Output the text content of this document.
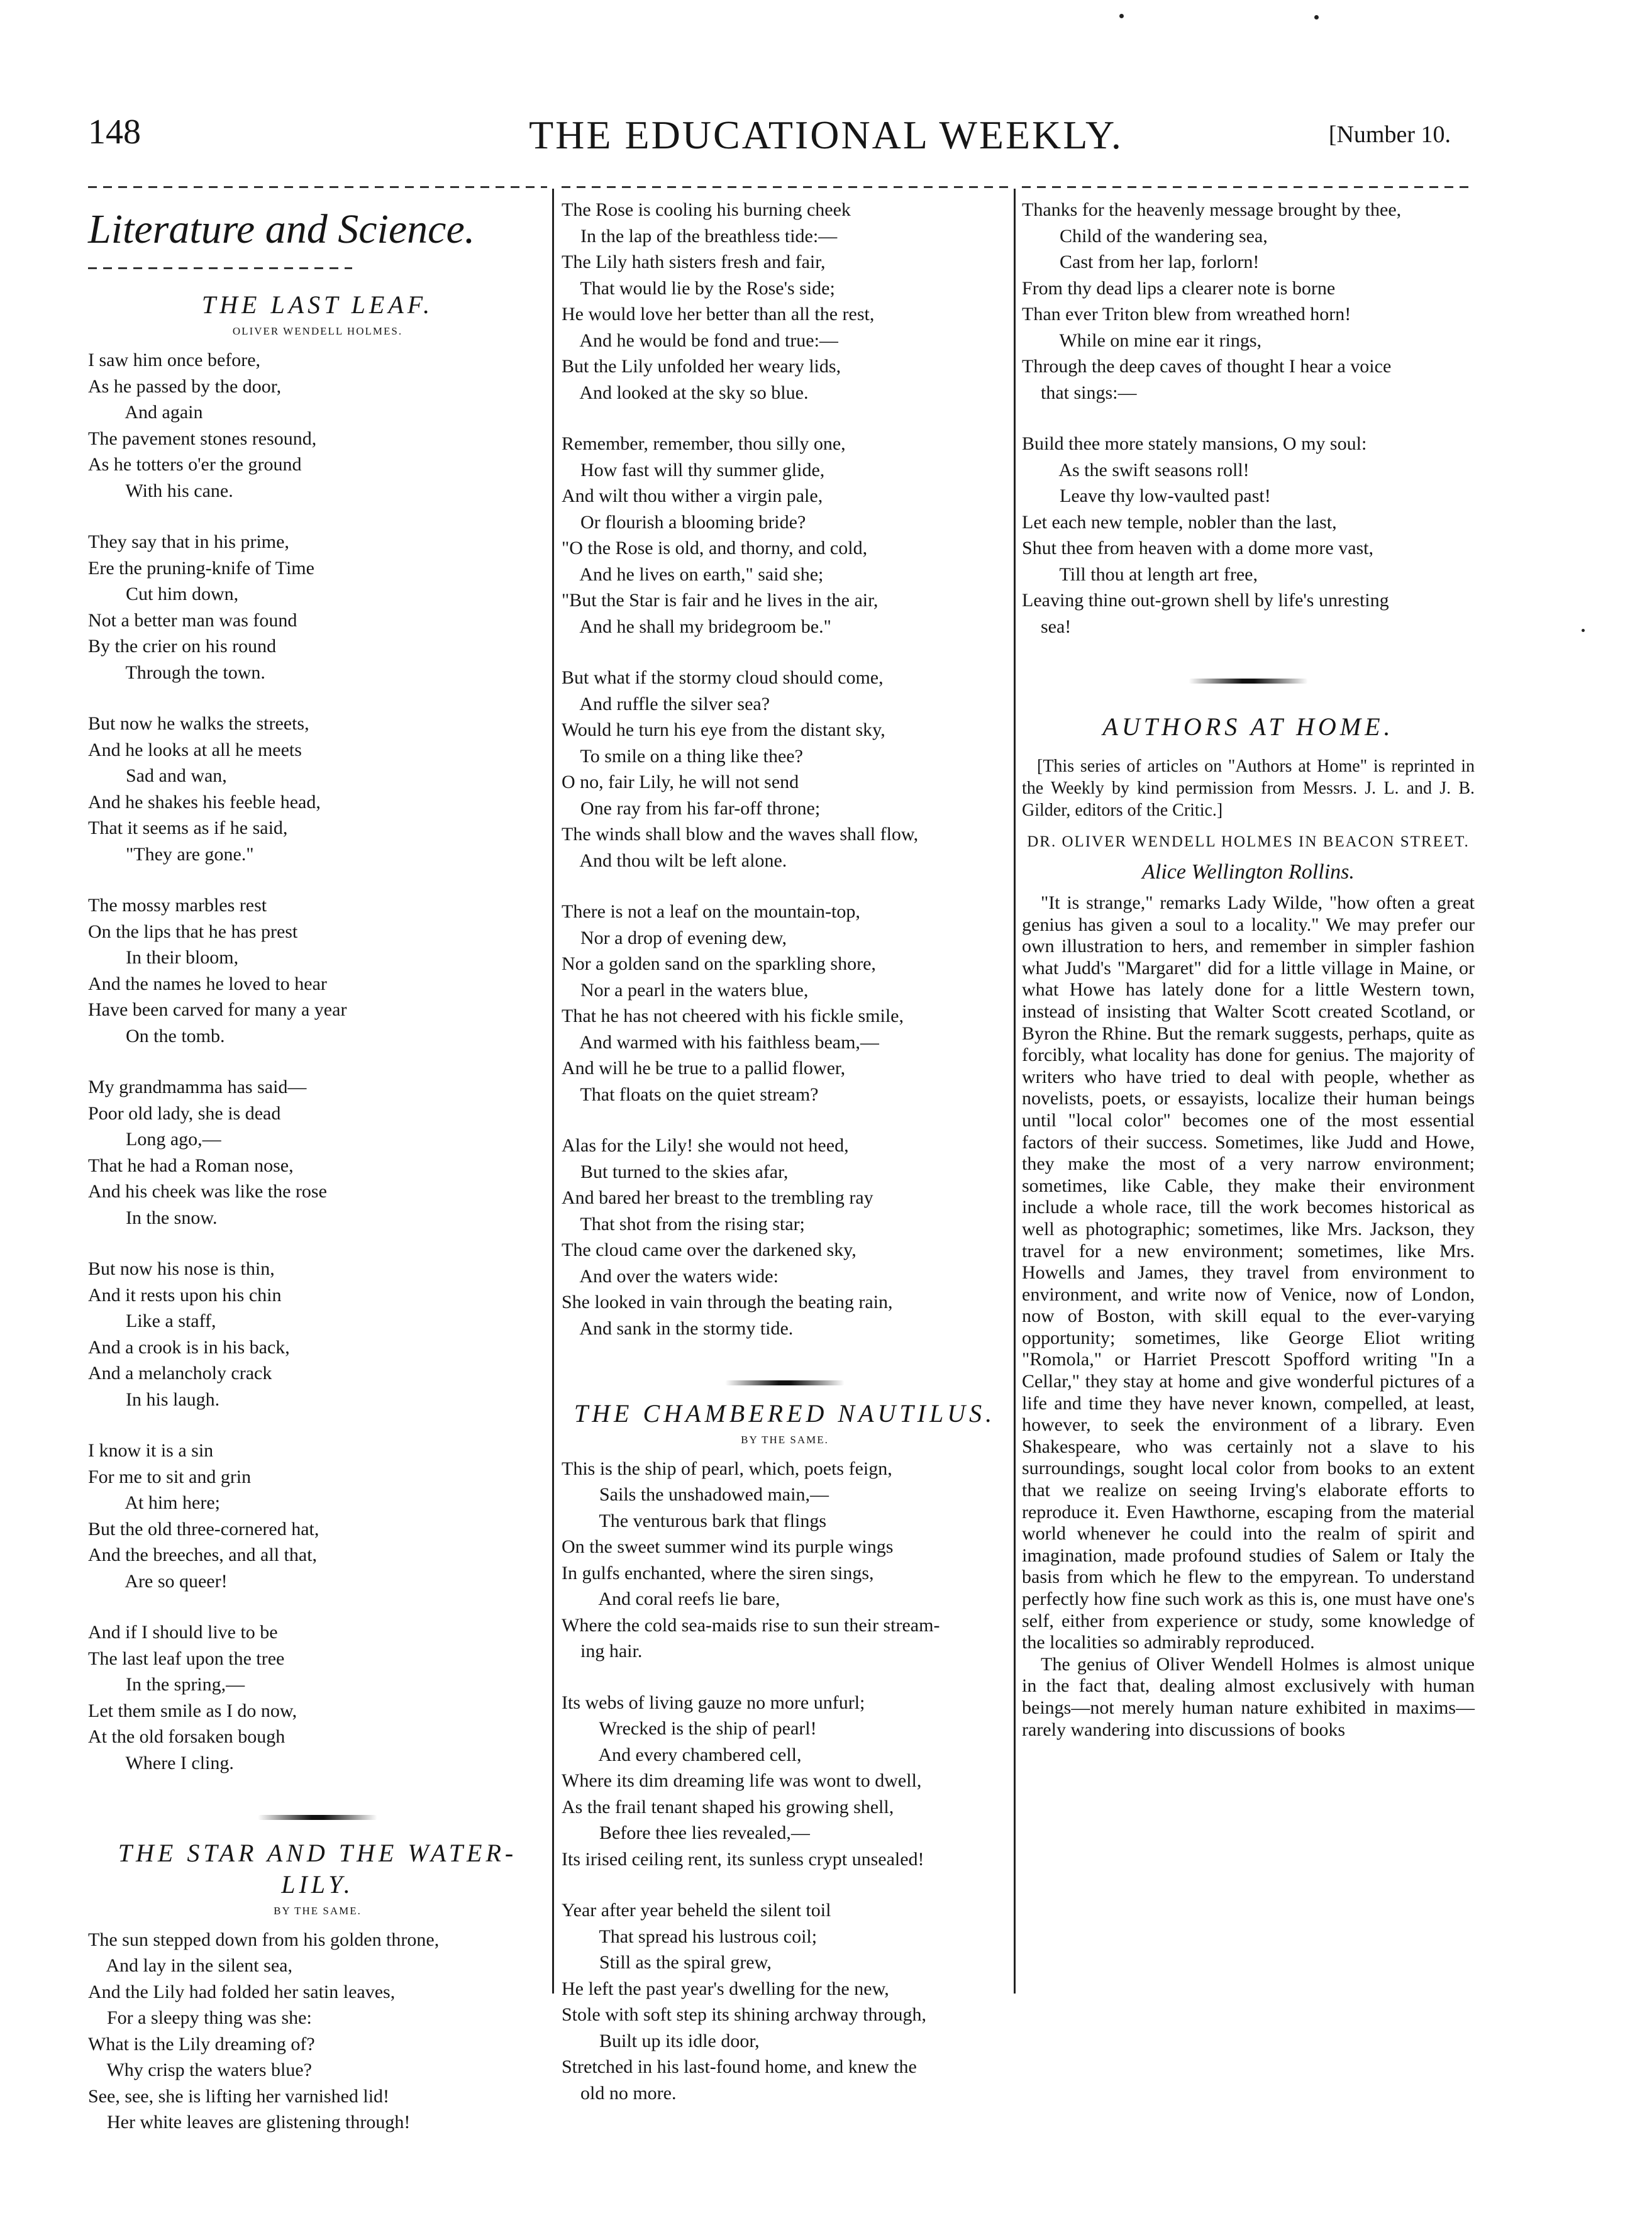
148	THE EDUCATIONAL WEEKLY.	[Number 10.
Literature and Science.
THE LAST LEAF.
OLIVER WENDELL HOLMES.
I saw him once before,
As he passed by the door,
And again
The pavement stones resound,
As he totters o'er the ground
With his cane.
They say that in his prime,
Ere the pruning-knife of Time
Cut him down,
Not a better man was found
By the crier on his round
Through the town.
But now he walks the streets,
And he looks at all he meets
Sad and wan,
And he shakes his feeble head,
That it seems as if he said,
"They are gone."
The mossy marbles rest
On the lips that he has prest
In their bloom,
And the names he loved to hear
Have been carved for many a year
On the tomb.
My grandmamma has said—
Poor old lady, she is dead
Long ago,—
That he had a Roman nose,
And his cheek was like the rose
In the snow.
But now his nose is thin,
And it rests upon his chin
Like a staff,
And a crook is in his back,
And a melancholy crack
In his laugh.
I know it is a sin
For me to sit and grin
At him here;
But the old three-cornered hat,
And the breeches, and all that,
Are so queer!
And if I should live to be
The last leaf upon the tree
In the spring,—
Let them smile as I do now,
At the old forsaken bough
Where I cling.
THE STAR AND THE WATER-LILY.
BY THE SAME.
The sun stepped down from his golden throne,
And lay in the silent sea,
And the Lily had folded her satin leaves,
For a sleepy thing was she:
What is the Lily dreaming of?
Why crisp the waters blue?
See, see, she is lifting her varnished lid!
Her white leaves are glistening through!
The Rose is cooling his burning cheek
In the lap of the breathless tide:—
The Lily hath sisters fresh and fair,
That would lie by the Rose's side;
He would love her better than all the rest,
And he would be fond and true:—
But the Lily unfolded her weary lids,
And looked at the sky so blue.
Remember, remember, thou silly one,
How fast will thy summer glide,
And wilt thou wither a virgin pale,
Or flourish a blooming bride?
"O the Rose is old, and thorny, and cold,
And he lives on earth," said she;
"But the Star is fair and he lives in the air,
And he shall my bridegroom be."
But what if the stormy cloud should come,
And ruffle the silver sea?
Would he turn his eye from the distant sky,
To smile on a thing like thee?
O no, fair Lily, he will not send
One ray from his far-off throne;
The winds shall blow and the waves shall flow,
And thou wilt be left alone.
There is not a leaf on the mountain-top,
Nor a drop of evening dew,
Nor a golden sand on the sparkling shore,
Nor a pearl in the waters blue,
That he has not cheered with his fickle smile,
And warmed with his faithless beam,—
And will he be true to a pallid flower,
That floats on the quiet stream?
Alas for the Lily! she would not heed,
But turned to the skies afar,
And bared her breast to the trembling ray
That shot from the rising star;
The cloud came over the darkened sky,
And over the waters wide:
She looked in vain through the beating rain,
And sank in the stormy tide.
THE CHAMBERED NAUTILUS.
BY THE SAME.
This is the ship of pearl, which, poets feign,
Sails the unshadowed main,—
The venturous bark that flings
On the sweet summer wind its purple wings
In gulfs enchanted, where the siren sings,
And coral reefs lie bare,
Where the cold sea-maids rise to sun their stream-
ing hair.
Its webs of living gauze no more unfurl;
Wrecked is the ship of pearl!
And every chambered cell,
Where its dim dreaming life was wont to dwell,
As the frail tenant shaped his growing shell,
Before thee lies revealed,—
Its irised ceiling rent, its sunless crypt unsealed!
Year after year beheld the silent toil
That spread his lustrous coil;
Still as the spiral grew,
He left the past year's dwelling for the new,
Stole with soft step its shining archway through,
Built up its idle door,
Stretched in his last-found home, and knew the
old no more.
Thanks for the heavenly message brought by thee,
Child of the wandering sea,
Cast from her lap, forlorn!
From thy dead lips a clearer note is borne
Than ever Triton blew from wreathed horn!
While on mine ear it rings,
Through the deep caves of thought I hear a voice
that sings:—
Build thee more stately mansions, O my soul:
As the swift seasons roll!
Leave thy low-vaulted past!
Let each new temple, nobler than the last,
Shut thee from heaven with a dome more vast,
Till thou at length art free,
Leaving thine out-grown shell by life's unresting
sea!
AUTHORS AT HOME.
[This series of articles on "Authors at Home" is reprinted in the Weekly by kind permission from Messrs. J. L. and J. B. Gilder, editors of the Critic.]
DR. OLIVER WENDELL HOLMES IN BEACON STREET.
Alice Wellington Rollins.

"It is strange," remarks Lady Wilde, "how often a great genius has given a soul to a locality." We may prefer our own illustration to hers, and remember in simpler fashion what Judd's "Margaret" did for a little village in Maine, or what Howe has lately done for a little Western town, instead of insisting that Walter Scott created Scotland, or Byron the Rhine. But the remark suggests, perhaps, quite as forcibly, what locality has done for genius. The majority of writers who have tried to deal with people, whether as novelists, poets, or essayists, localize their human beings until "local color" becomes one of the most essential factors of their success. Sometimes, like Judd and Howe, they make the most of a very narrow environment; sometimes, like Cable, they make their environment include a whole race, till the work becomes historical as well as photographic; sometimes, like Mrs. Jackson, they travel for a new environment; sometimes, like Mrs. Howells and James, they travel from environment to environment, and write now of Venice, now of London, now of Boston, with skill equal to the ever-varying opportunity; sometimes, like George Eliot writing "Romola," or Harriet Prescott Spofford writing "In a Cellar," they stay at home and give wonderful pictures of a life and time they have never known, compelled, at least, however, to seek the environment of a library. Even Shakespeare, who was certainly not a slave to his surroundings, sought local color from books to an extent that we realize on seeing Irving's elaborate efforts to reproduce it. Even Hawthorne, escaping from the material world whenever he could into the realm of spirit and imagination, made profound studies of Salem or Italy the basis from which he flew to the empyrean. To understand perfectly how fine such work as this is, one must have one's self, either from experience or study, some knowledge of the localities so admirably reproduced.

The genius of Oliver Wendell Holmes is almost unique in the fact that, dealing almost exclusively with human beings—not merely human nature exhibited in maxims—rarely wandering into discussions of books
